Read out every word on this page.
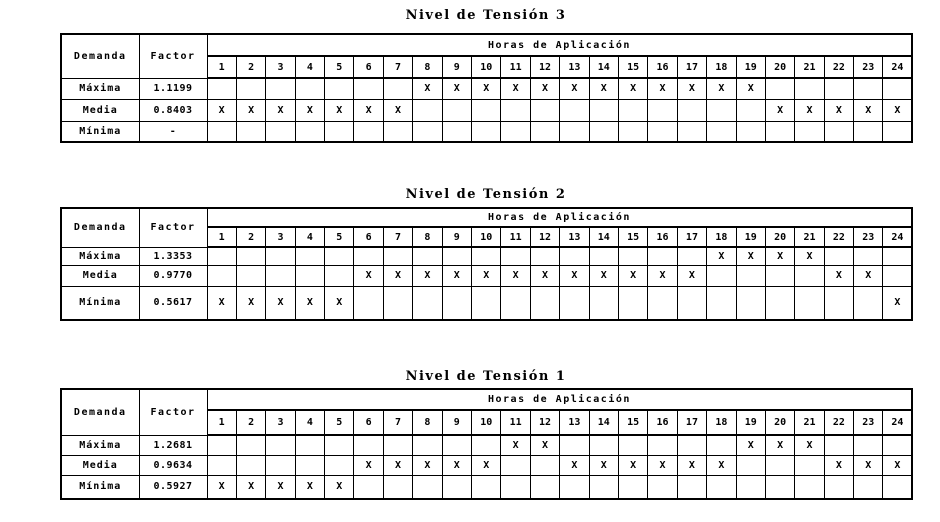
Nivel de Tensión 3
Demanda	Factor	Horas de Aplicación																							
		1	2	3	4	5	6	7	8	9	10	11	12	13	14	15	16	17	18	19	20	21	22	23	24
Máxima	1.1199								X	X	X	X	X	X	X	X	X	X	X	X					
Media	0.8403	X	X	X	X	X	X	X													X	X	X	X	X
Mínima	-																								
Nivel de Tensión 2
Demanda	Factor	Horas de Aplicación																							
		1	2	3	4	5	6	7	8	9	10	11	12	13	14	15	16	17	18	19	20	21	22	23	24
Máxima	1.3353																		X	X	X	X			
Media	0.9770						X	X	X	X	X	X	X	X	X	X	X	X					X	X	
Mínima	0.5617	X	X	X	X	X																			X
Nivel de Tensión 1
Demanda	Factor	Horas de Aplicación																							
		1	2	3	4	5	6	7	8	9	10	11	12	13	14	15	16	17	18	19	20	21	22	23	24
Máxima	1.2681											X	X							X	X	X			
Media	0.9634						X	X	X	X	X			X	X	X	X	X	X				X	X	X
Mínima	0.5927	X	X	X	X	X																			
